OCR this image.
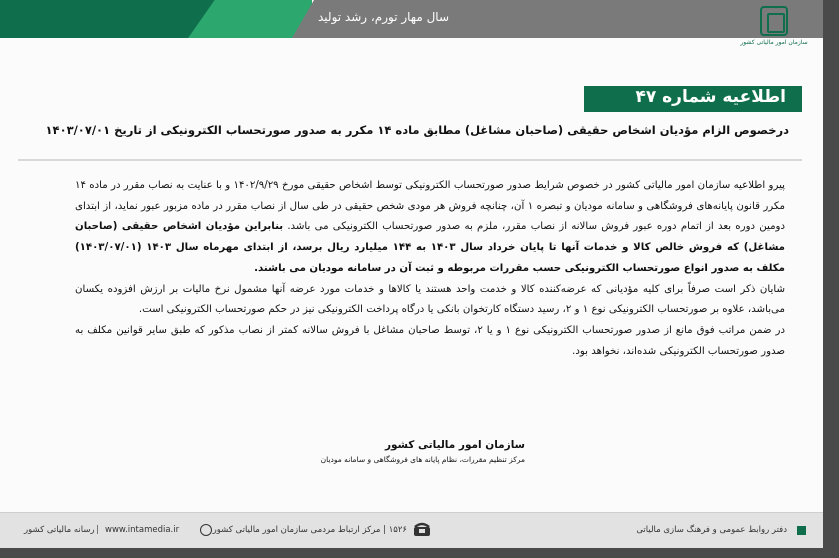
سال مهار تورم، رشد تولید
سازمان امور مالیاتی کشور
اطلاعیه شماره ۴۷
درخصوص الزام مؤدیان اشخاص حقیقی (صاحبان مشاغل) مطابق ماده ۱۴ مکرر به صدور صورتحساب الکترونیکی از تاریخ ۱۴۰۳/۰۷/۰۱

پیرو اطلاعیه سازمان امور مالیاتی کشور در خصوص شرایط صدور صورتحساب الکترونیکی توسط اشخاص حقیقی مورخ ۱۴۰۲/۹/۲۹ و با عنایت به نصاب مقرر در ماده ۱۴ مکرر قانون پایانه‌های فروشگاهی و سامانه مودیان و تبصره ۱ آن، چنانچه فروش هر مودی شخص حقیقی در طی سال از نصاب مقرر در ماده مزبور عبور نماید، از ابتدای دومین دوره بعد از اتمام دوره عبور فروش سالانه از نصاب مقرر، ملزم به صدور صورتحساب الکترونیکی می باشد. بنابراین مؤدیان اشخاص حقیقی (صاحبان مشاغل) که فروش خالص کالا و خدمات آنها تا پایان خرداد سال ۱۴۰۳ به ۱۴۴ میلیارد ریال برسد، از ابتدای مهرماه سال ۱۴۰۳ (۱۴۰۳/۰۷/۰۱) مکلف به صدور انواع صورتحساب الکترونیکی حسب مقررات مربوطه و ثبت آن در سامانه مودیان می باشند.

شایان ذکر است صرفاً برای کلیه مؤدیانی که عرضه‌کننده کالا و خدمت واحد هستند یا کالاها و خدمات مورد عرضه آنها مشمول نرخ مالیات بر ارزش افزوده یکسان می‌باشد، علاوه بر صورتحساب الکترونیکی نوع ۱ و ۲، رسید دستگاه کارتخوان بانکی یا درگاه پرداخت الکترونیکی نیز در حکم صورتحساب الکترونیکی است.

در ضمن مراتب فوق مانع از صدور صورتحساب الکترونیکی نوع ۱ و یا ۲، توسط صاحبان مشاغل با فروش سالانه کمتر از نصاب مذکور که طبق سایر قوانین مکلف به صدور صورتحساب الکترونیکی شده‌اند، نخواهد بود.

سازمان امور مالیاتی کشور
مرکز تنظیم مقررات، نظام پایانه های فروشگاهی و سامانه مودیان
دفتر روابط عمومی و فرهنگ سازی مالیاتی
۱۵۲۶ | مرکز ارتباط مردمی سازمان امور مالیاتی کشور
www.intamedia.ir
|
رسانه مالیاتی کشور
